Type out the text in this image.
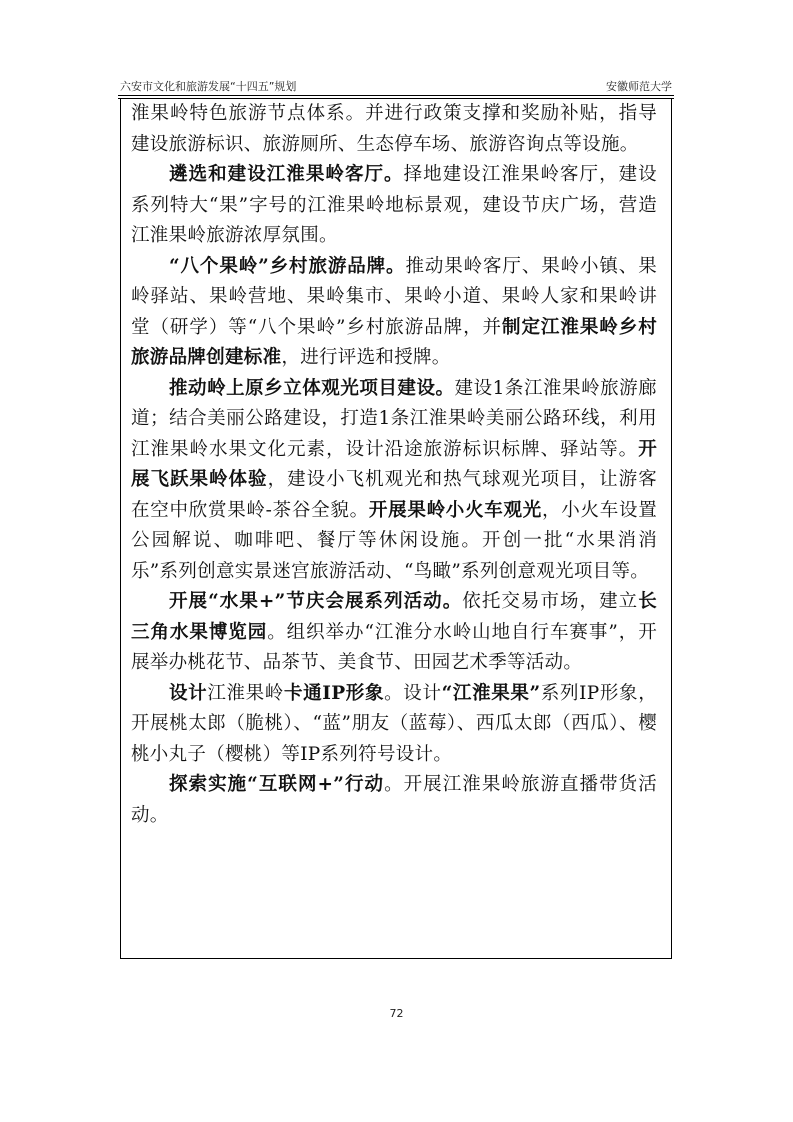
六安市文化和旅游发展“十四五”规划	安徽师范大学

淮果岭特色旅游节点体系。并进行政策支撑和奖励补贴，指导建设旅游标识、旅游厕所、生态停车场、旅游咨询点等设施。

遴选和建设江淮果岭客厅。择地建设江淮果岭客厅，建设系列特大“果”字号的江淮果岭地标景观，建设节庆广场，营造江淮果岭旅游浓厚氛围。

“八个果岭”乡村旅游品牌。推动果岭客厅、果岭小镇、果岭驿站、果岭营地、果岭集市、果岭小道、果岭人家和果岭讲堂（研学）等“八个果岭”乡村旅游品牌，并制定江淮果岭乡村旅游品牌创建标准，进行评选和授牌。

推动岭上原乡立体观光项目建设。建设1条江淮果岭旅游廊道；结合美丽公路建设，打造1条江淮果岭美丽公路环线，利用江淮果岭水果文化元素，设计沿途旅游标识标牌、驿站等。开展飞跃果岭体验，建设小飞机观光和热气球观光项目，让游客在空中欣赏果岭-茶谷全貌。开展果岭小火车观光，小火车设置公园解说、咖啡吧、餐厅等休闲设施。开创一批“水果消消乐”系列创意实景迷宫旅游活动、“鸟瞰”系列创意观光项目等。

开展“水果+”节庆会展系列活动。依托交易市场，建立长三角水果博览园。组织举办“江淮分水岭山地自行车赛事”，开展举办桃花节、品茶节、美食节、田园艺术季等活动。

设计江淮果岭卡通IP形象。设计“江淮果果”系列IP形象，开展桃太郎（脆桃）、“蓝”朋友（蓝莓）、西瓜太郎（西瓜）、樱桃小丸子（樱桃）等IP系列符号设计。

探索实施“互联网+”行动。开展江淮果岭旅游直播带货活动。

72
